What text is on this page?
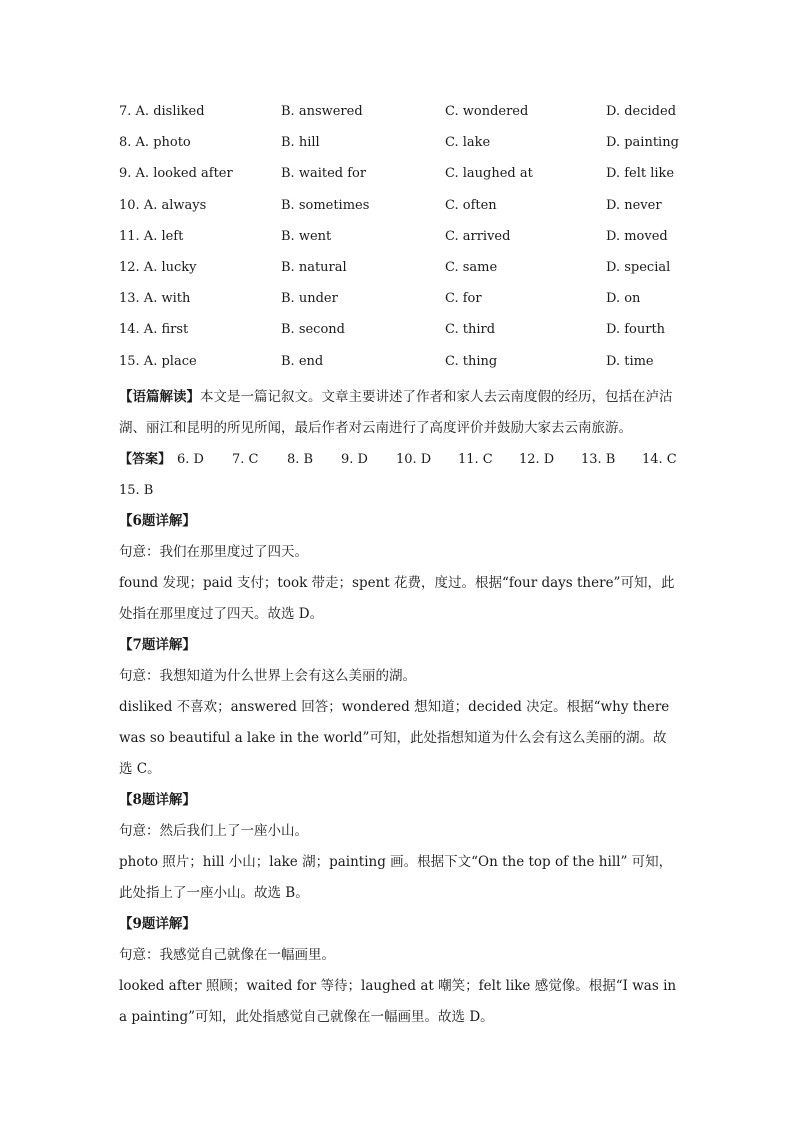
7. A. disliked	B. answered	C. wondered	D. decided
8. A. photo	B. hill	C. lake	D. painting
9. A. looked after	B. waited for	C. laughed at	D. felt like
10. A. always	B. sometimes	C. often	D. never
11. A. left	B. went	C. arrived	D. moved
12. A. lucky	B. natural	C. same	D. special
13. A. with	B. under	C. for	D. on
14. A. first	B. second	C. third	D. fourth
15. A. place	B. end	C. thing	D. time

【语篇解读】本文是一篇记叙文。文章主要讲述了作者和家人去云南度假的经历，包括在泸沽湖、丽江和昆明的所见所闻，最后作者对云南进行了高度评价并鼓励大家去云南旅游。

【答案】 6. D 7. C 8. B 9. D 10. D 11. C 12. D 13. B 14. C
15. B

【6题详解】

句意：我们在那里度过了四天。

found 发现；paid 支付；took 带走；spent 花费，度过。根据“four days there”可知，此处指在那里度过了四天。故选 D。

【7题详解】

句意：我想知道为什么世界上会有这么美丽的湖。

disliked 不喜欢；answered 回答；wondered 想知道；decided 决定。根据“why there was so beautiful a lake in the world”可知，此处指想知道为什么会有这么美丽的湖。故选 C。

【8题详解】

句意：然后我们上了一座小山。

photo 照片；hill 小山；lake 湖；painting 画。根据下文“On the top of the hill” 可知，此处指上了一座小山。故选 B。

【9题详解】

句意：我感觉自己就像在一幅画里。

looked after 照顾；waited for 等待；laughed at 嘲笑；felt like 感觉像。根据“I was in a painting”可知，此处指感觉自己就像在一幅画里。故选 D。
